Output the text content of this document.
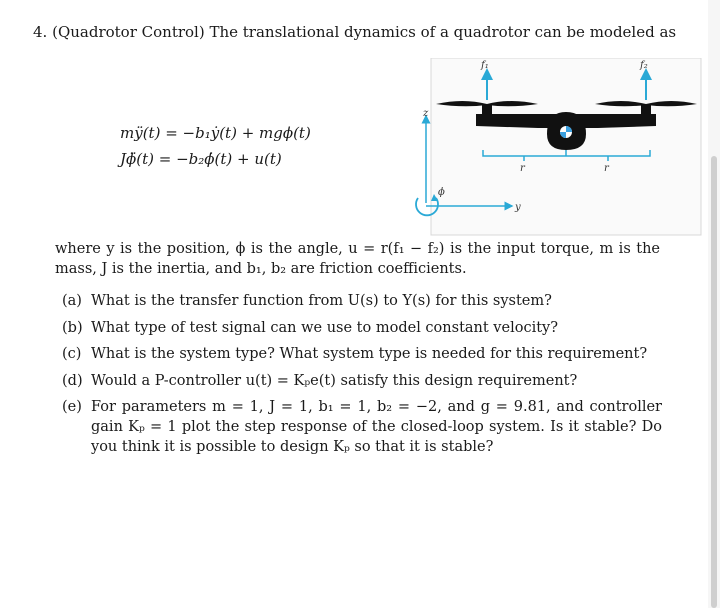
4. (Quadrotor Control) The translational dynamics of a quadrotor can be modeled as
mÿ(t) = −b₁ẏ(t) + mgϕ(t)
Jϕ̈(t) = −b₂ϕ̇(t) + u(t)
z
y
ϕ
f₁	f₂
r	r
where y is the position, ϕ is the angle, u = r(f₁ − f₂) is the input torque, m is the mass, J is the inertia, and b₁, b₂ are friction coefficients.
(a) What is the transfer function from U(s) to Y(s) for this system?
(b) What type of test signal can we use to model constant velocity?
(c) What is the system type? What system type is needed for this requirement?
(d) Would a P-controller u(t) = Kₚe(t) satisfy this design requirement?
(e) For parameters m = 1, J = 1, b₁ = 1, b₂ = −2, and g = 9.81, and controller gain Kₚ = 1 plot the step response of the closed-loop system. Is it stable? Do you think it is possible to design Kₚ so that it is stable?
